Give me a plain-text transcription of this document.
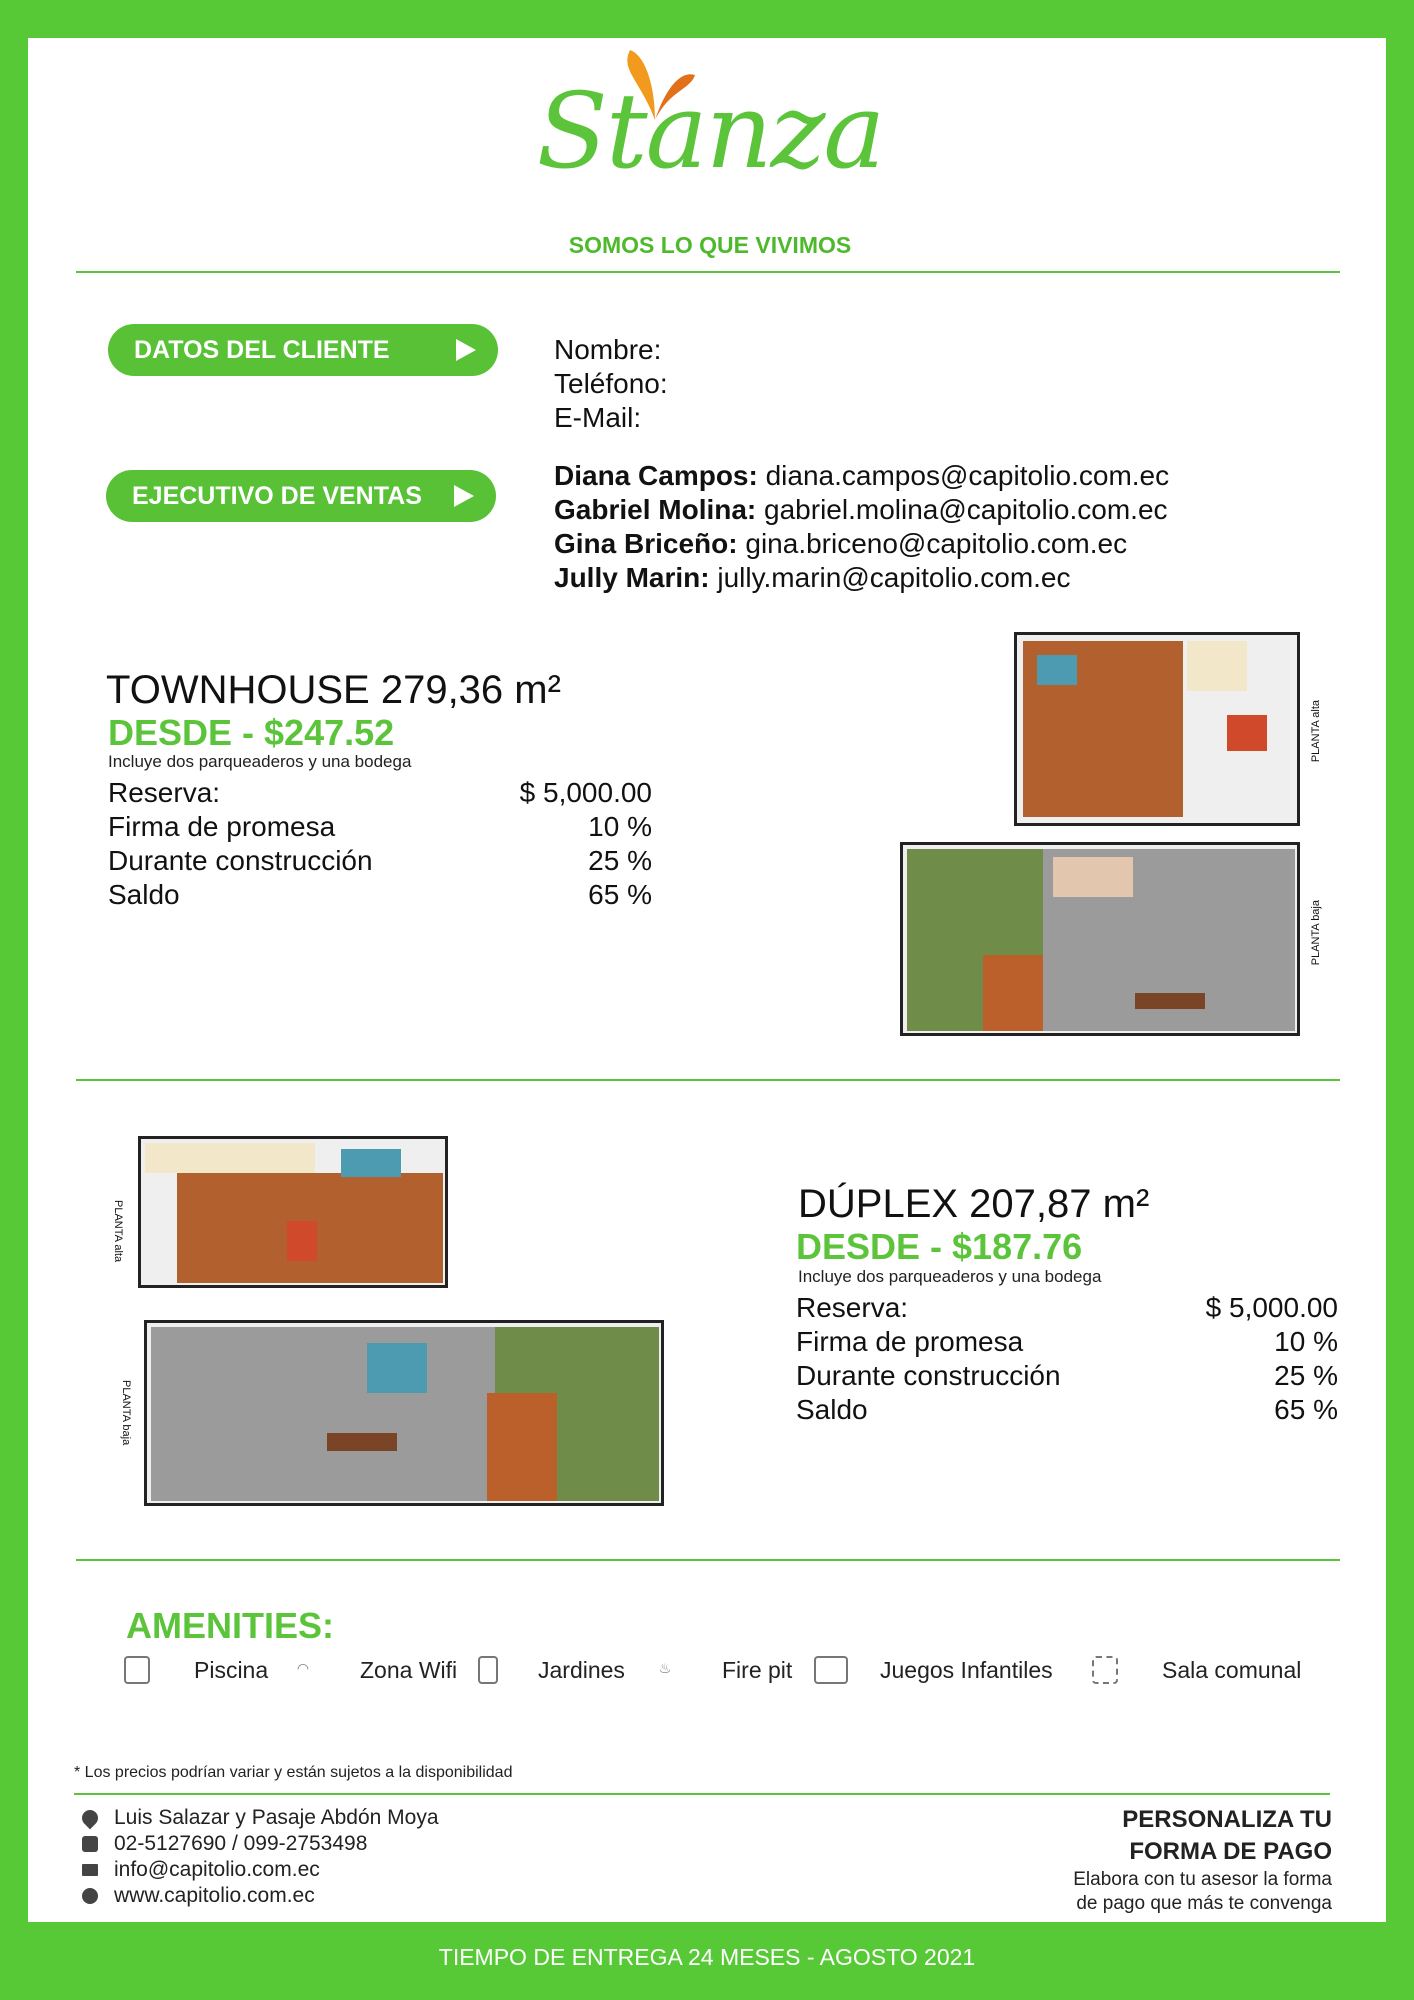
Stanza
SOMOS LO QUE VIVIMOS
DATOS DEL CLIENTE	Nombre:
Teléfono:
E-Mail:
EJECUTIVO DE VENTAS
Diana Campos: diana.campos@capitolio.com.ec
Gabriel Molina: gabriel.molina@capitolio.com.ec
Gina Briceño: gina.briceno@capitolio.com.ec
Jully Marin: jully.marin@capitolio.com.ec
TOWNHOUSE 279,36 m²
DESDE - $247.52
Incluye dos parqueaderos y una bodega
Reserva:	$ 5,000.00
Firma de promesa	10 %
Durante construcción	25 %
Saldo	65 %
PLANTA alta
PLANTA baja
PLANTA alta
PLANTA baja
DÚPLEX 207,87 m²
DESDE - $187.76
Incluye dos parqueaderos y una bodega
Reserva:	$ 5,000.00
Firma de promesa	10 %
Durante construcción	25 %
Saldo	65 %
AMENITIES:
Piscina	◠ Zona Wifi	Jardines	♨ Fire pit	Juegos Infantiles	Sala comunal
* Los precios podrían variar y están sujetos a la disponibilidad
Luis Salazar y Pasaje Abdón Moya
02-5127690 / 099-2753498
info@capitolio.com.ec
www.capitolio.com.ec
PERSONALIZA TU
FORMA DE PAGO
Elabora con tu asesor la forma
de pago que más te convenga
TIEMPO DE ENTREGA 24 MESES - AGOSTO 2021
